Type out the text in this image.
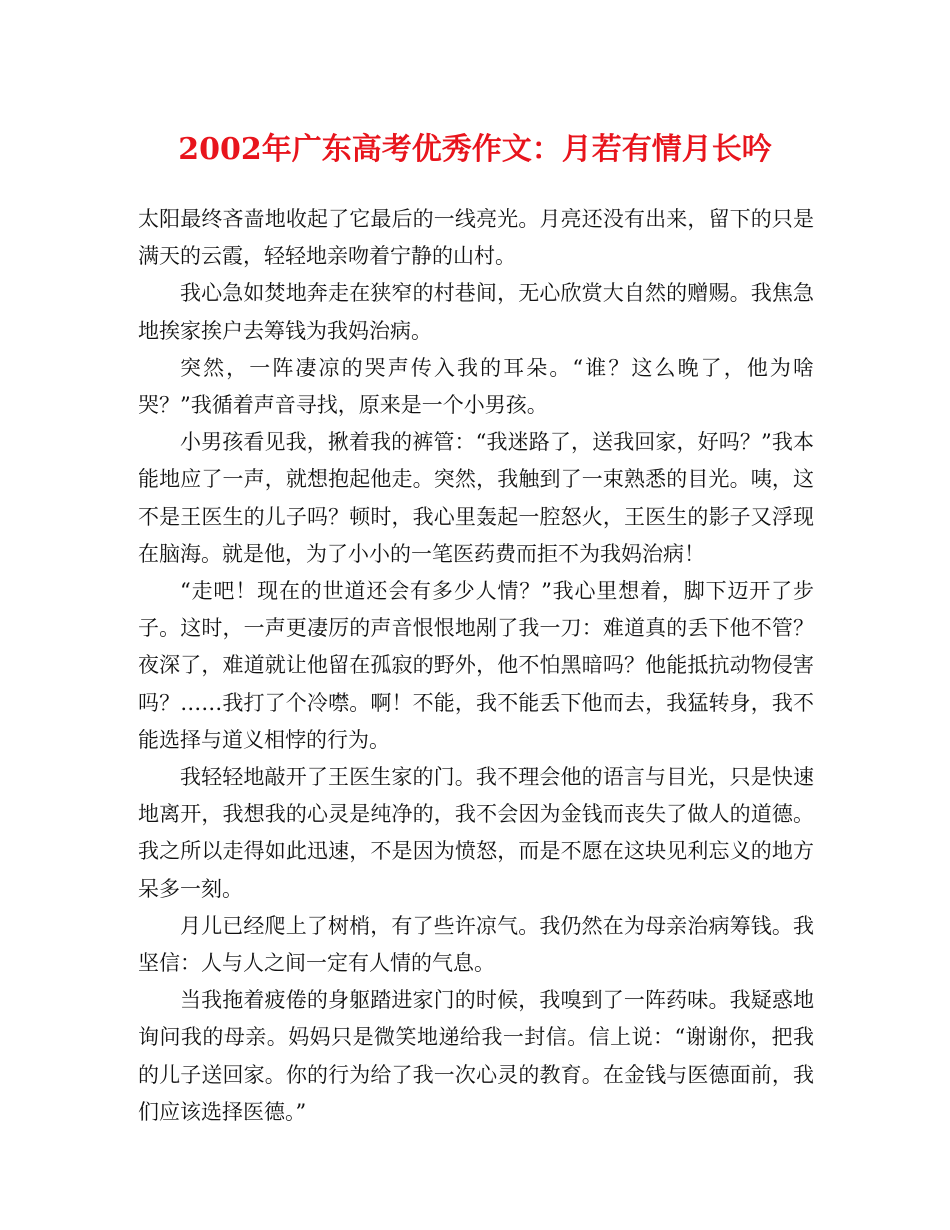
2002年广东高考优秀作文：月若有情月长吟

太阳最终吝啬地收起了它最后的一线亮光。月亮还没有出来，留下的只是满天的云霞，轻轻地亲吻着宁静的山村。

我心急如焚地奔走在狭窄的村巷间，无心欣赏大自然的赠赐。我焦急地挨家挨户去筹钱为我妈治病。

突然，一阵凄凉的哭声传入我的耳朵。“谁？这么晚了，他为啥哭？”我循着声音寻找，原来是一个小男孩。

小男孩看见我，揪着我的裤管：“我迷路了，送我回家，好吗？”我本能地应了一声，就想抱起他走。突然，我触到了一束熟悉的目光。咦，这不是王医生的儿子吗？顿时，我心里轰起一腔怒火，王医生的影子又浮现在脑海。就是他，为了小小的一笔医药费而拒不为我妈治病！

“走吧！现在的世道还会有多少人情？”我心里想着，脚下迈开了步子。这时，一声更凄厉的声音恨恨地剐了我一刀：难道真的丢下他不管？夜深了，难道就让他留在孤寂的野外，他不怕黑暗吗？他能抵抗动物侵害吗？……我打了个冷噤。啊！不能，我不能丢下他而去，我猛转身，我不能选择与道义相悖的行为。

我轻轻地敲开了王医生家的门。我不理会他的语言与目光，只是快速地离开，我想我的心灵是纯净的，我不会因为金钱而丧失了做人的道德。我之所以走得如此迅速，不是因为愤怒，而是不愿在这块见利忘义的地方呆多一刻。

月儿已经爬上了树梢，有了些许凉气。我仍然在为母亲治病筹钱。我坚信：人与人之间一定有人情的气息。

当我拖着疲倦的身躯踏进家门的时候，我嗅到了一阵药味。我疑惑地询问我的母亲。妈妈只是微笑地递给我一封信。信上说：“谢谢你，把我的儿子送回家。你的行为给了我一次心灵的教育。在金钱与医德面前，我们应该选择医德。”
